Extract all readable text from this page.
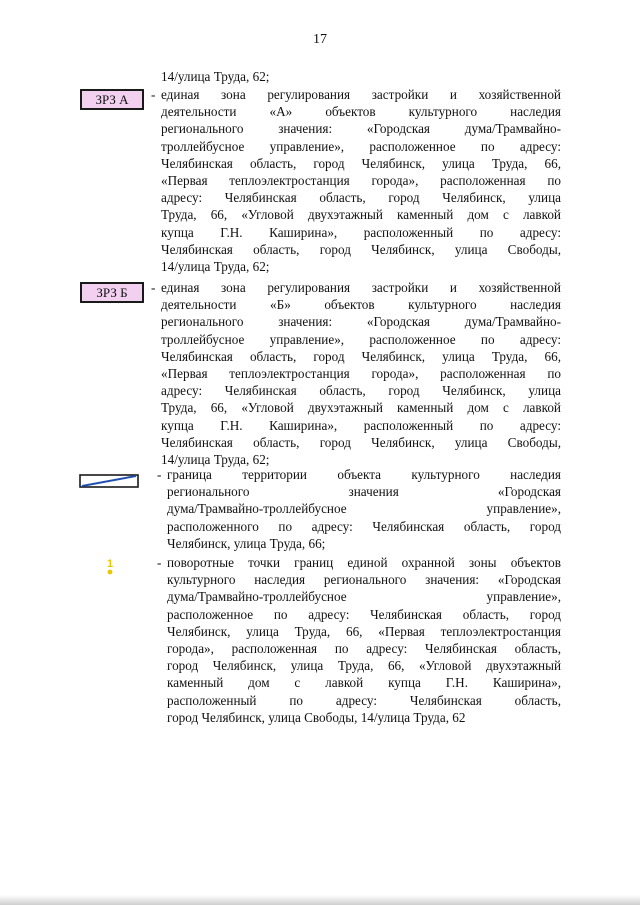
17

14/улица Труда, 62;
ЗРЗ А	- единая зона регулирования застройки и хозяйственной
деятельности «А» объектов культурного наследия
регионального значения: «Городская дума/Трамвайно-
троллейбусное управление», расположенное по адресу:
Челябинская область, город Челябинск, улица Труда, 66,
«Первая теплоэлектростанция города», расположенная по
адресу: Челябинская область, город Челябинск, улица
Труда, 66, «Угловой двухэтажный каменный дом с лавкой
купца Г.Н. Каширина», расположенный по адресу:
Челябинская область, город Челябинск, улица Свободы,
14/улица Труда, 62;
ЗРЗ Б	- единая зона регулирования застройки и хозяйственной
деятельности «Б» объектов культурного наследия
регионального значения: «Городская дума/Трамвайно-
троллейбусное управление», расположенное по адресу:
Челябинская область, город Челябинск, улица Труда, 66,
«Первая теплоэлектростанция города», расположенная по
адресу: Челябинская область, город Челябинск, улица
Труда, 66, «Угловой двухэтажный каменный дом с лавкой
купца Г.Н. Каширина», расположенный по адресу:
Челябинская область, город Челябинск, улица Свободы,
14/улица Труда, 62;
- граница территории объекта культурного наследия
регионального значения «Городская
дума/Трамвайно-троллейбусное управление»,
расположенного по адресу: Челябинская область, город
Челябинск, улица Труда, 66;
1	- поворотные точки границ единой охранной зоны объектов
культурного наследия регионального значения: «Городская
дума/Трамвайно-троллейбусное управление»,
расположенное по адресу: Челябинская область, город
Челябинск, улица Труда, 66, «Первая теплоэлектростанция
города», расположенная по адресу: Челябинская область,
город Челябинск, улица Труда, 66, «Угловой двухэтажный
каменный дом с лавкой купца Г.Н. Каширина»,
расположенный по адресу: Челябинская область,
город Челябинск, улица Свободы, 14/улица Труда, 62
